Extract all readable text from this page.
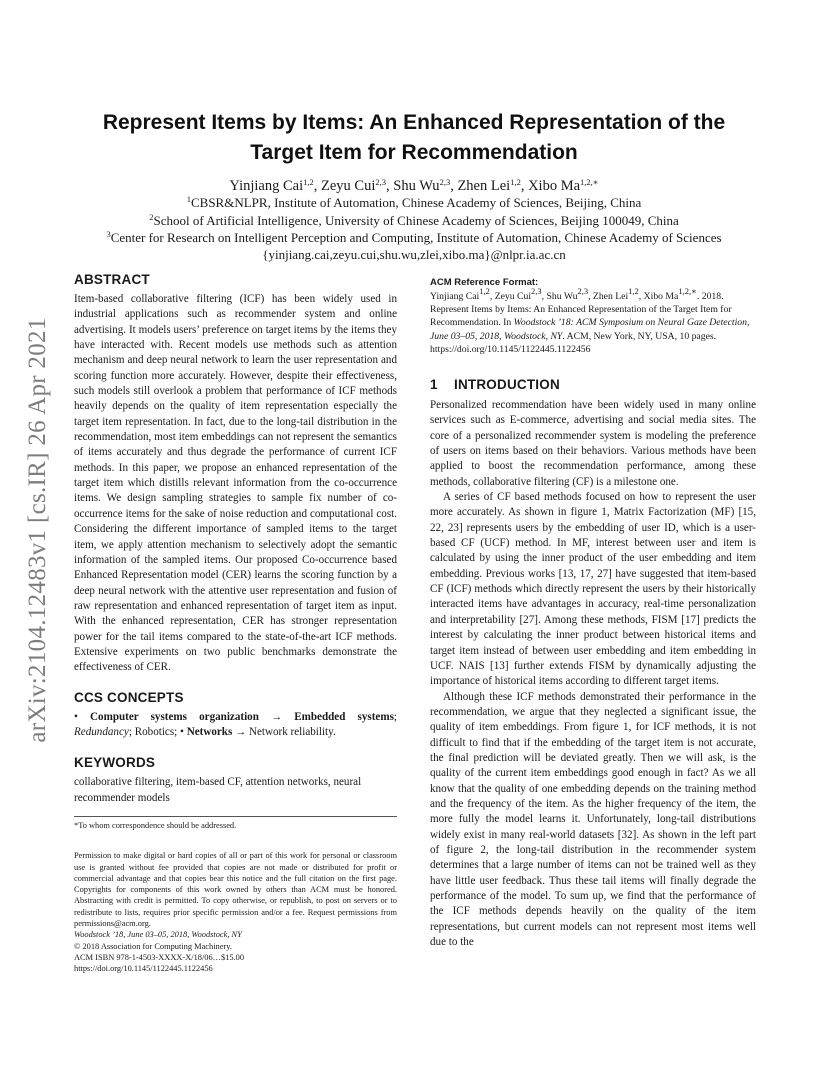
arXiv:2104.12483v1 [cs.IR] 26 Apr 2021
Represent Items by Items: An Enhanced Representation of the Target Item for Recommendation
Yinjiang Cai$^{1,2}$, Zeyu Cui$^{2,3}$, Shu Wu$^{2,3}$, Zhen Lei$^{1,2}$, Xibo $Ma^{1,2,∗}$
$^1$CBSR&NLPR, Institute of Automation, Chinese Academy of Sciences, Beijing, China
$^2$School of Artificial Intelligence, University of Chinese Academy of Sciences, Beijing 100049, China
$^3$Center for Research on Intelligent Perception and Computing, Institute of Automation, Chinese Academy of Sciences
{yinjiang.cai,zeyu.cui,shu.wu,zlei,xibo.ma}@nlpr.ia.ac.cn
ABSTRACT

Item-based collaborative filtering (ICF) has been widely used in industrial applications such as recommender system and online advertising. It models users’ preference on target items by the items they have interacted with. Recent models use methods such as attention mechanism and deep neural network to learn the user representation and scoring function more accurately. However, despite their effectiveness, such models still overlook a problem that performance of ICF methods heavily depends on the quality of item representation especially the target item representation. In fact, due to the long-tail distribution in the recommendation, most item embeddings can not represent the semantics of items accurately and thus degrade the performance of current ICF methods. In this paper, we propose an enhanced representation of the target item which distills relevant information from the co-occurrence items. We design sampling strategies to sample fix number of co-occurrence items for the sake of noise reduction and computational cost. Considering the different importance of sampled items to the target item, we apply attention mechanism to selectively adopt the semantic information of the sampled items. Our proposed Co-occurrence based Enhanced Representation model (CER) learns the scoring function by a deep neural network with the attentive user representation and fusion of raw representation and enhanced representation of target item as input. With the enhanced representation, CER has stronger representation power for the tail items compared to the state-of-the-art ICF methods. Extensive experiments on two public benchmarks demonstrate the effectiveness of CER.

CCS CONCEPTS

• Computer systems organization → Embedded systems; Redundancy; Robotics; • Networks → Network reliability.

KEYWORDS

collaborative filtering, item-based CF, attention networks, neural recommender models

*To whom correspondence should be addressed.

Permission to make digital or hard copies of all or part of this work for personal or classroom use is granted without fee provided that copies are not made or distributed for profit or commercial advantage and that copies bear this notice and the full citation on the first page. Copyrights for components of this work owned by others than ACM must be honored. Abstracting with credit is permitted. To copy otherwise, or republish, to post on servers or to redistribute to lists, requires prior specific permission and/or a fee. Request permissions from permissions@acm.org.

Woodstock ’18, June 03–05, 2018, Woodstock, NY

© 2018 Association for Computing Machinery.

ACM ISBN 978-1-4503-XXXX-X/18/06…$15.00

https://doi.org/10.1145/1122445.1122456

ACM Reference Format:

Yinjiang Cai$^{1,2}$, Zeyu Cui$^{2,3}$, Shu Wu$^{2,3}$, Zhen Lei$^{1,2}$, Xibo $Ma^{1,2,∗}$. 2018. Represent Items by Items: An Enhanced Representation of the Target Item for Recommendation. In Woodstock ’18: ACM Symposium on Neural Gaze Detection, June 03–05, 2018, Woodstock, NY. ACM, New York, NY, USA, 10 pages. https://doi.org/10.1145/1122445.1122456

1 INTRODUCTION

Personalized recommendation have been widely used in many online services such as E-commerce, advertising and social media sites. The core of a personalized recommender system is modeling the preference of users on items based on their behaviors. Various methods have been applied to boost the recommendation performance, among these methods, collaborative filtering (CF) is a milestone one.

A series of CF based methods focused on how to represent the user more accurately. As shown in figure 1, Matrix Factorization (MF) [15, 22, 23] represents users by the embedding of user ID, which is a user-based CF (UCF) method. In MF, interest between user and item is calculated by using the inner product of the user embedding and item embedding. Previous works [13, 17, 27] have suggested that item-based CF (ICF) methods which directly represent the users by their historically interacted items have advantages in accuracy, real-time personalization and interpretability [27]. Among these methods, FISM [17] predicts the interest by calculating the inner product between historical items and target item instead of between user embedding and item embedding in UCF. NAIS [13] further extends FISM by dynamically adjusting the importance of historical items according to different target items.

Although these ICF methods demonstrated their performance in the recommendation, we argue that they neglected a significant issue, the quality of item embeddings. From figure 1, for ICF methods, it is not difficult to find that if the embedding of the target item is not accurate, the final prediction will be deviated greatly. Then we will ask, is the quality of the current item embeddings good enough in fact? As we all know that the quality of one embedding depends on the training method and the frequency of the item. As the higher frequency of the item, the more fully the model learns it. Unfortunately, long-tail distributions widely exist in many real-world datasets [32]. As shown in the left part of figure 2, the long-tail distribution in the recommender system determines that a large number of items can not be trained well as they have little user feedback. Thus these tail items will finally degrade the performance of the model. To sum up, we find that the performance of the ICF methods depends heavily on the quality of the item representations, but current models can not represent most items well due to the
